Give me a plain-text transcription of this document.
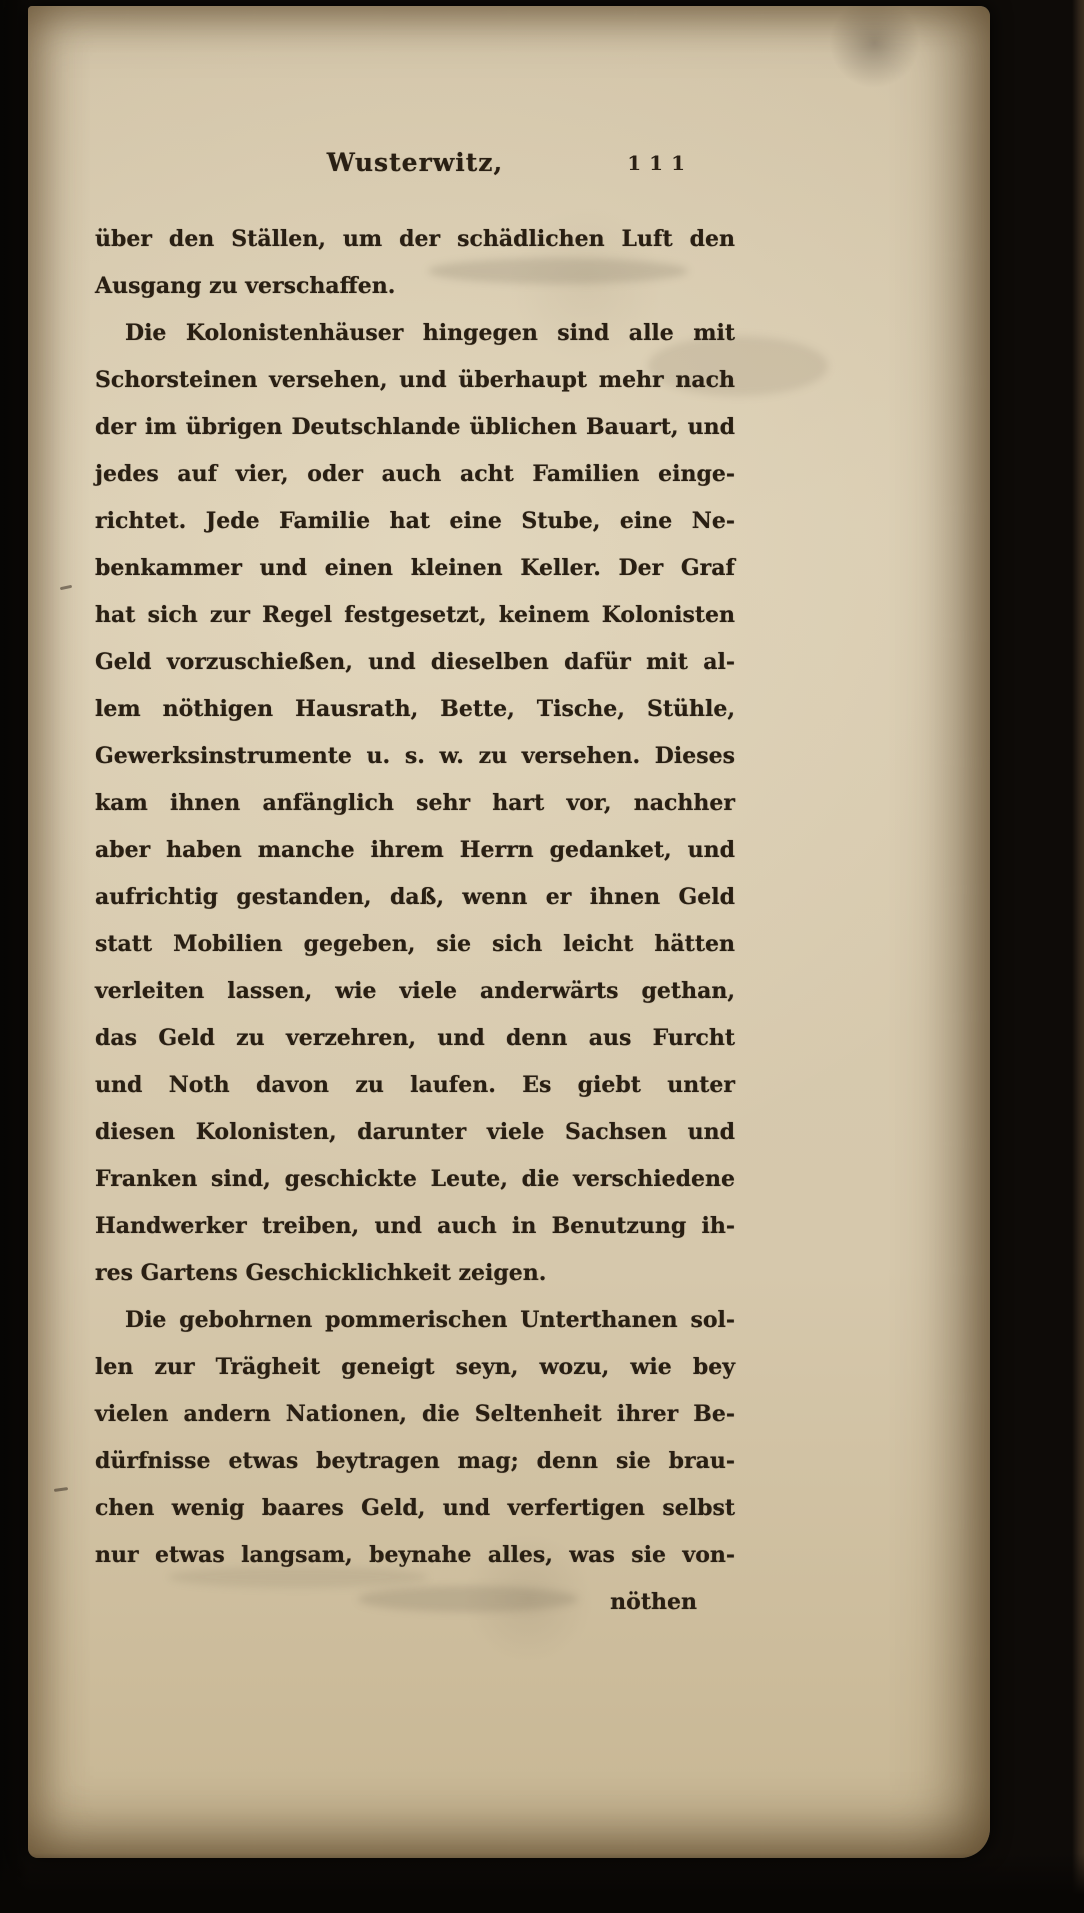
Wusterwitz,	111
über den Ställen, um der schädlichen Luft den
Ausgang zu verschaffen.
Die Kolonistenhäuser hingegen sind alle mit
Schorsteinen versehen, und überhaupt mehr nach
der im übrigen Deutschlande üblichen Bauart, und
jedes auf vier, oder auch acht Familien einge-
richtet. Jede Familie hat eine Stube, eine Ne-
benkammer und einen kleinen Keller. Der Graf
hat sich zur Regel festgesetzt, keinem Kolonisten
Geld vorzuschießen, und dieselben dafür mit al-
lem nöthigen Hausrath, Bette, Tische, Stühle,
Gewerksinstrumente u. s. w. zu versehen. Dieses
kam ihnen anfänglich sehr hart vor, nachher
aber haben manche ihrem Herrn gedanket, und
aufrichtig gestanden, daß, wenn er ihnen Geld
statt Mobilien gegeben, sie sich leicht hätten
verleiten lassen, wie viele anderwärts gethan,
das Geld zu verzehren, und denn aus Furcht
und Noth davon zu laufen. Es giebt unter
diesen Kolonisten, darunter viele Sachsen und
Franken sind, geschickte Leute, die verschiedene
Handwerker treiben, und auch in Benutzung ih-
res Gartens Geschicklichkeit zeigen.
Die gebohrnen pommerischen Unterthanen sol-
len zur Trägheit geneigt seyn, wozu, wie bey
vielen andern Nationen, die Seltenheit ihrer Be-
dürfnisse etwas beytragen mag; denn sie brau-
chen wenig baares Geld, und verfertigen selbst
nur etwas langsam, beynahe alles, was sie von-
nöthen
